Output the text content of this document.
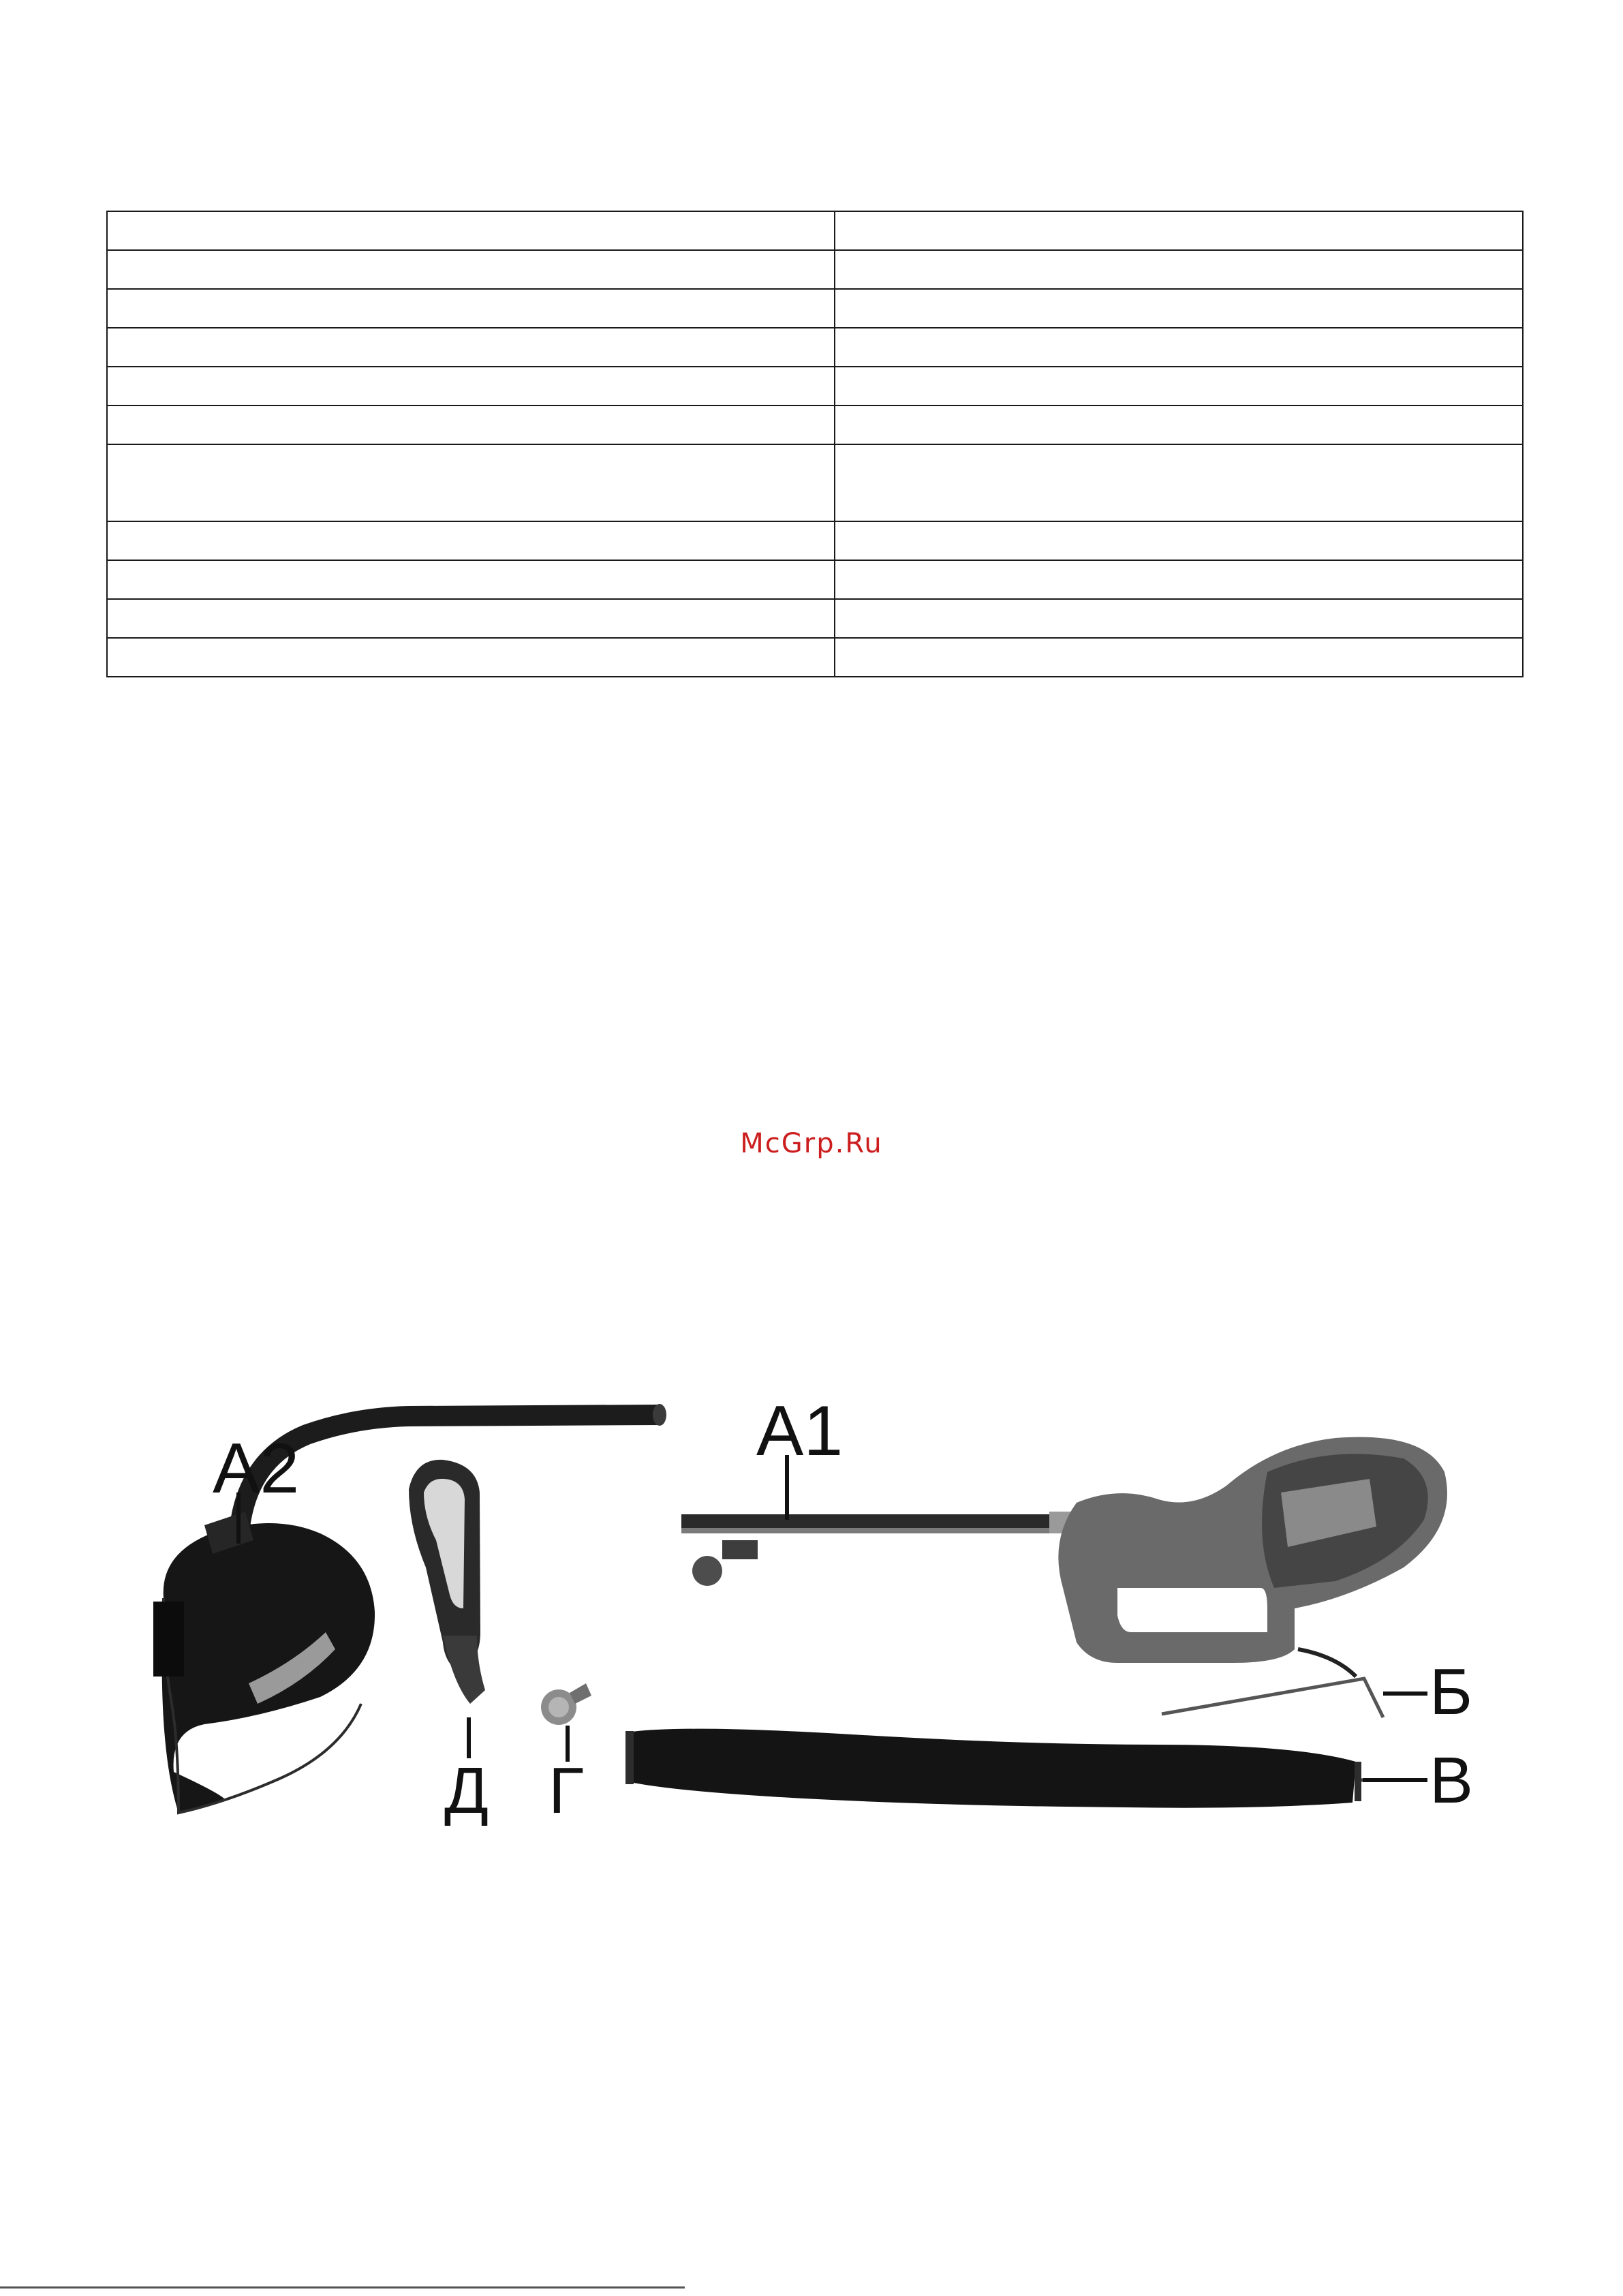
McGrp.Ru
A2	A1
Д Г
Б
В
